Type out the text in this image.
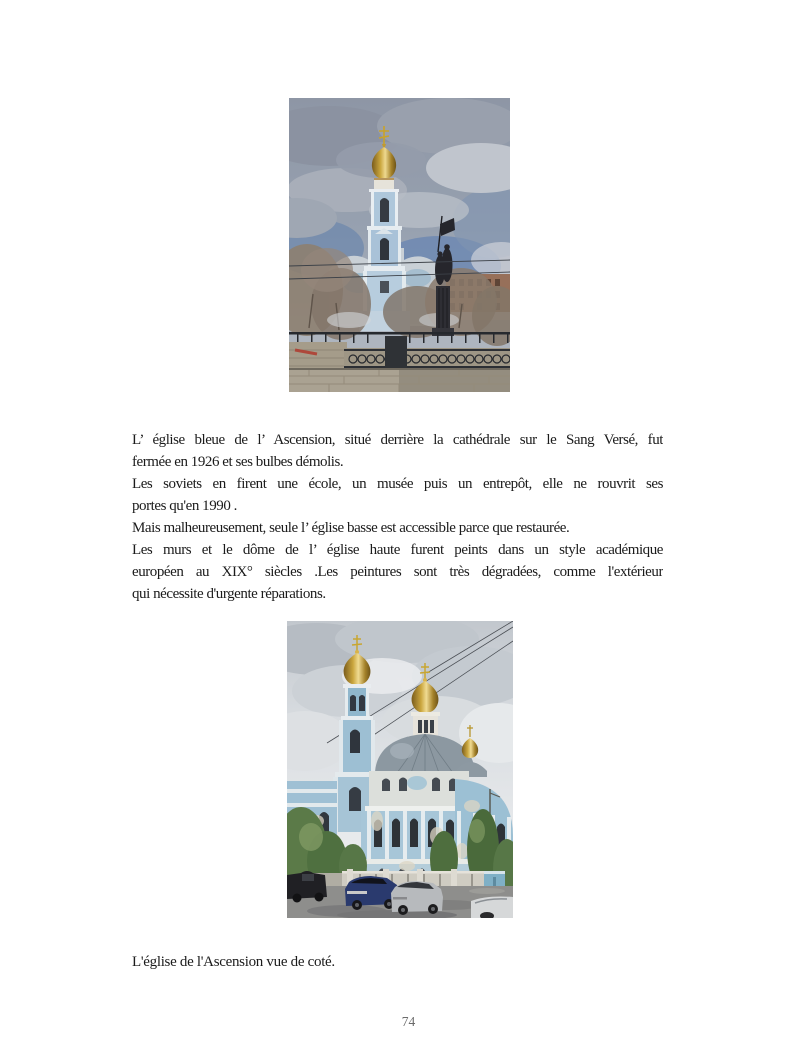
L’ église bleue de l’ Ascension, situé derrière la cathédrale sur le Sang Versé, fut
fermée en 1926 et ses bulbes démolis.
Les soviets en firent une école, un musée puis un entrepôt, elle ne rouvrit ses
portes qu'en 1990 .
Mais malheureusement, seule l’ église basse est accessible parce que restaurée.
Les murs et le dôme de l’ église haute furent peints dans un style académique
européen au XIX° siècles .Les peintures sont très dégradées, comme l'extérieur
qui nécessite d'urgente réparations.
L'église de l'Ascension vue de coté.
74
